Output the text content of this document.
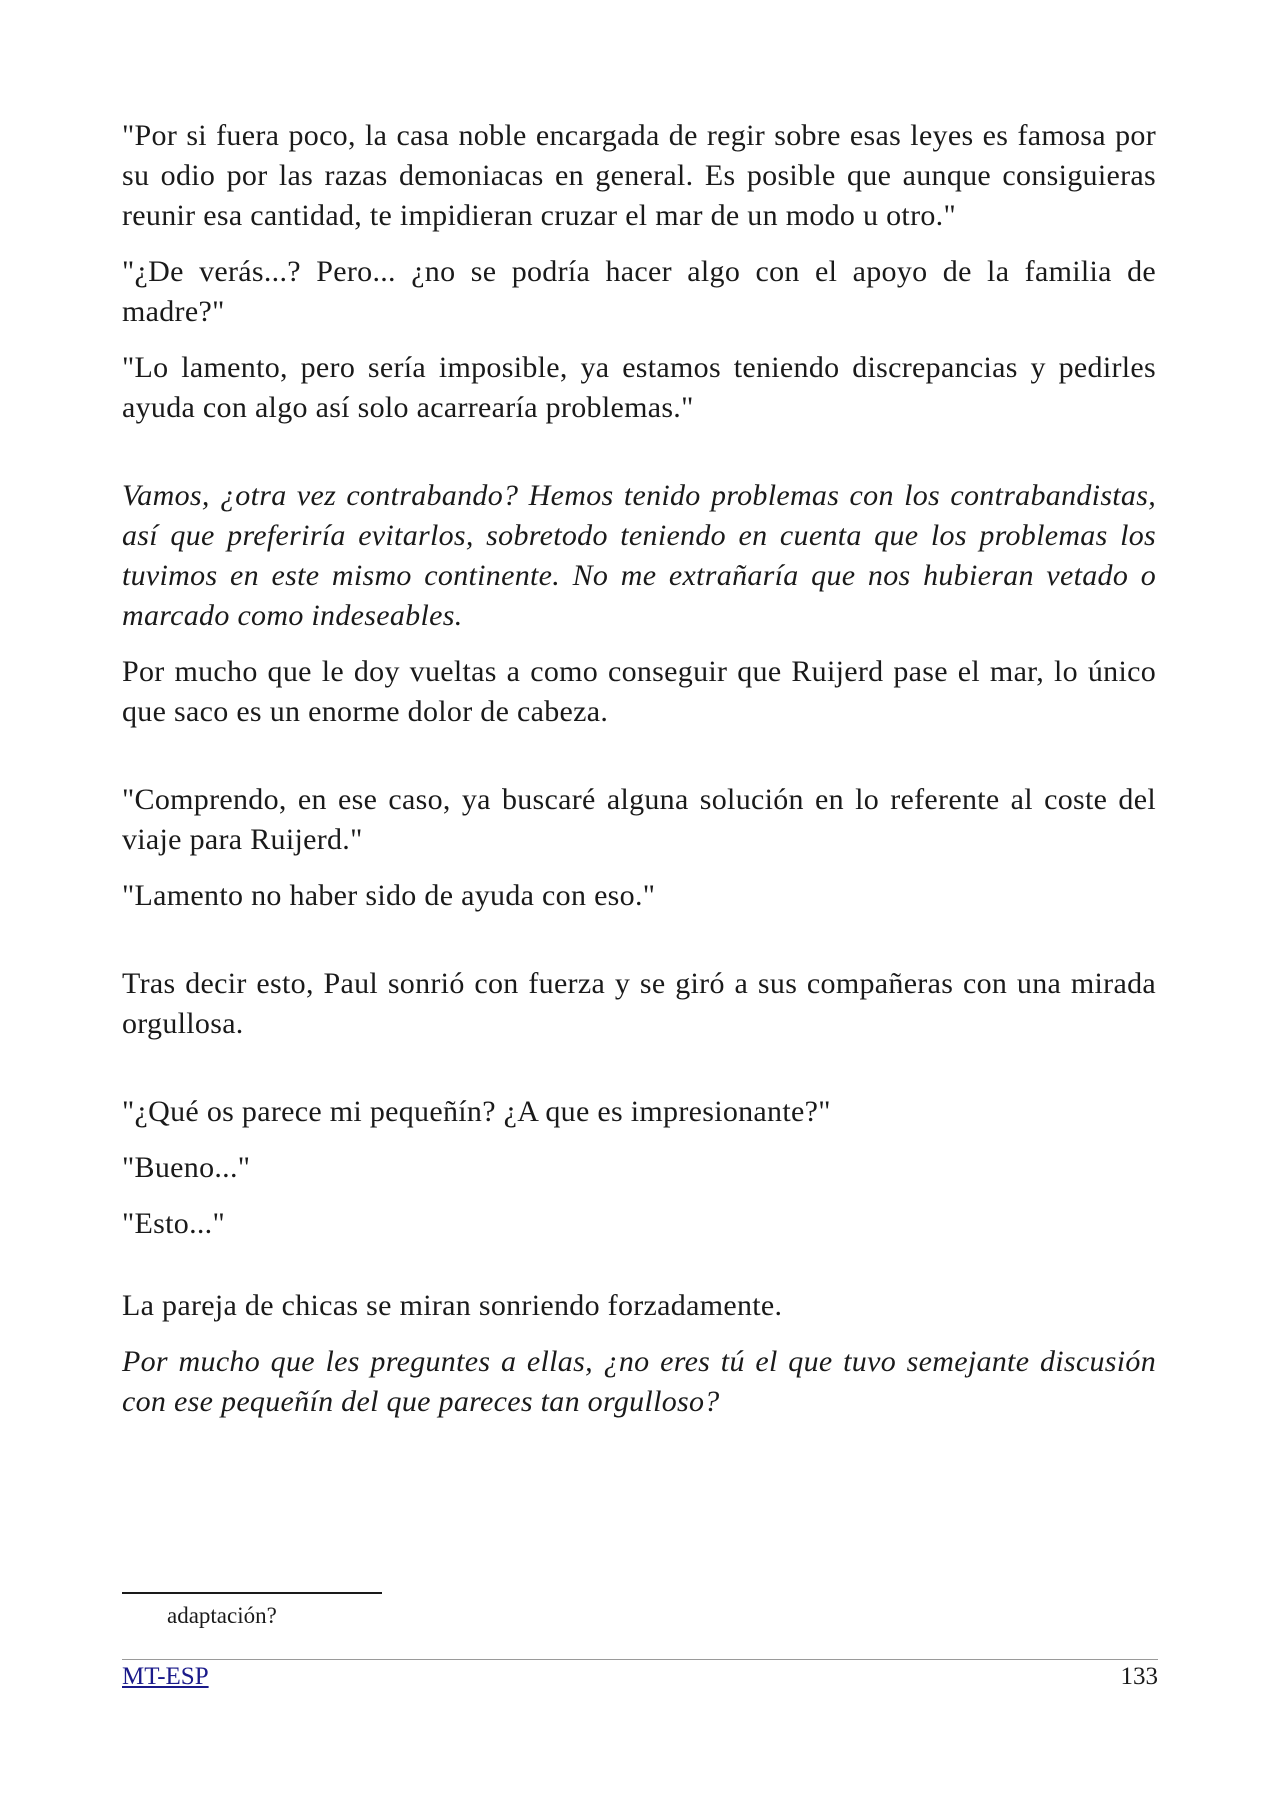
"Por si fuera poco, la casa noble encargada de regir sobre esas leyes es famosa por su odio por las razas demoniacas en general. Es posible que aunque consiguieras reunir esa cantidad, te impidieran cruzar el mar de un modo u otro."

"¿De verás...? Pero... ¿no se podría hacer algo con el apoyo de la familia de madre?"

"Lo lamento, pero sería imposible, ya estamos teniendo discrepancias y pedirles ayuda con algo así solo acarrearía problemas."

Vamos, ¿otra vez contrabando? Hemos tenido problemas con los contrabandistas, así que preferiría evitarlos, sobretodo teniendo en cuenta que los problemas los tuvimos en este mismo continente. No me extrañaría que nos hubieran vetado o marcado como indeseables.

Por mucho que le doy vueltas a como conseguir que Ruijerd pase el mar, lo único que saco es un enorme dolor de cabeza.

"Comprendo, en ese caso, ya buscaré alguna solución en lo referente al coste del viaje para Ruijerd."

"Lamento no haber sido de ayuda con eso."

Tras decir esto, Paul sonrió con fuerza y se giró a sus compañeras con una mirada orgullosa.

"¿Qué os parece mi pequeñín? ¿A que es impresionante?"

"Bueno..."

"Esto..."

La pareja de chicas se miran sonriendo forzadamente.

Por mucho que les preguntes a ellas, ¿no eres tú el que tuvo semejante discusión con ese pequeñín del que pareces tan orgulloso?

adaptación?

MT-ESP	133
